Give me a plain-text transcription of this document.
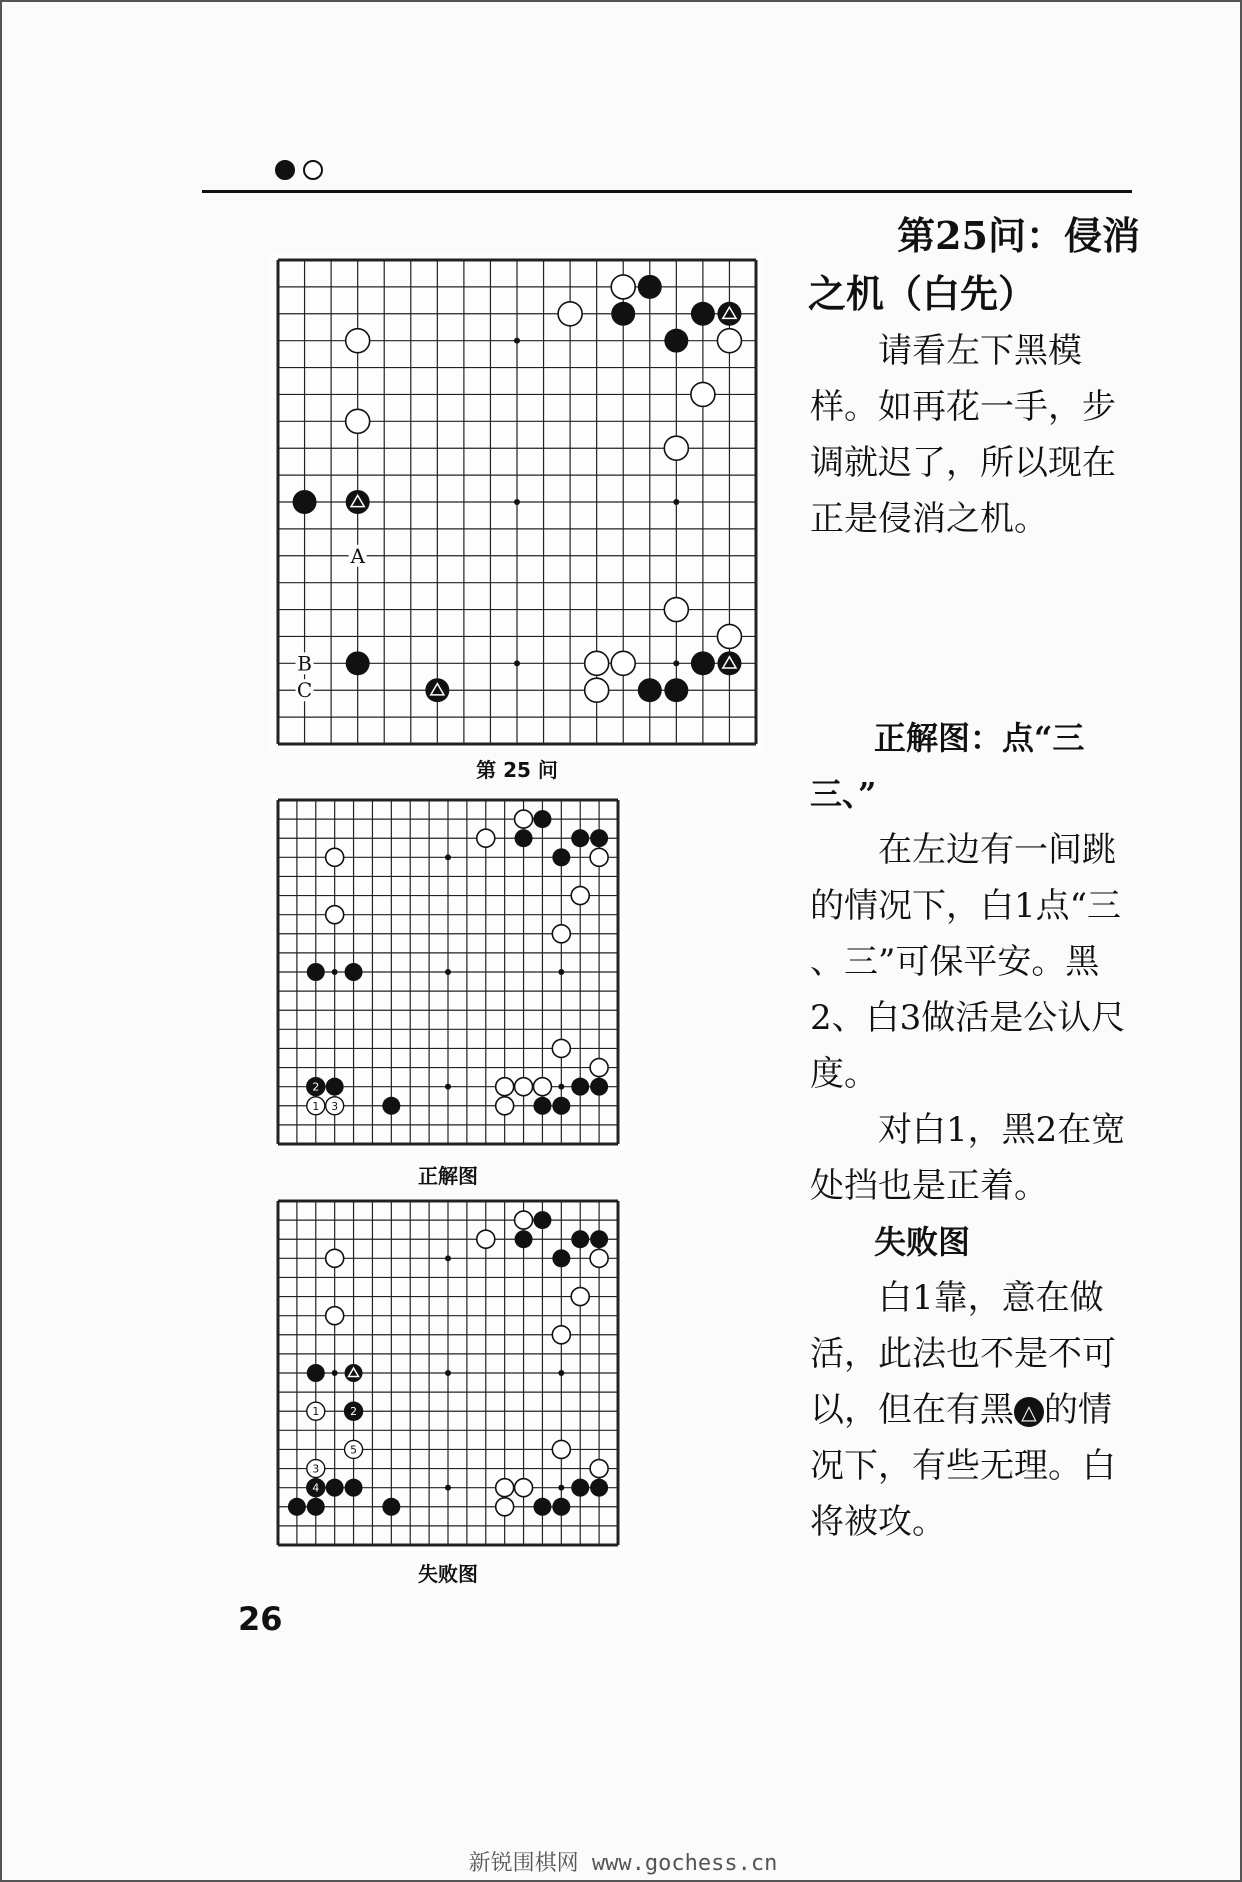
A
B
C
第 25 问
2
1 3
正解图
1	2
5
3
4
失败图
第25问：侵消
之机（白先）

请看左下黑模

样。如再花一手，步

调就迟了，所以现在

正是侵消之机。

正解图：点“三
三、”

在左边有一间跳

的情况下，白1点“三

、三”可保平安。黑

2、白3做活是公认尺

度。

对白1，黑2在宽

处挡也是正着。

失败图

白1靠，意在做

活，此法也不是不可

以，但在有黑 △ 的情

况下，有些无理。白

将被攻。

26
新锐围棋网 www.gochess.cn
